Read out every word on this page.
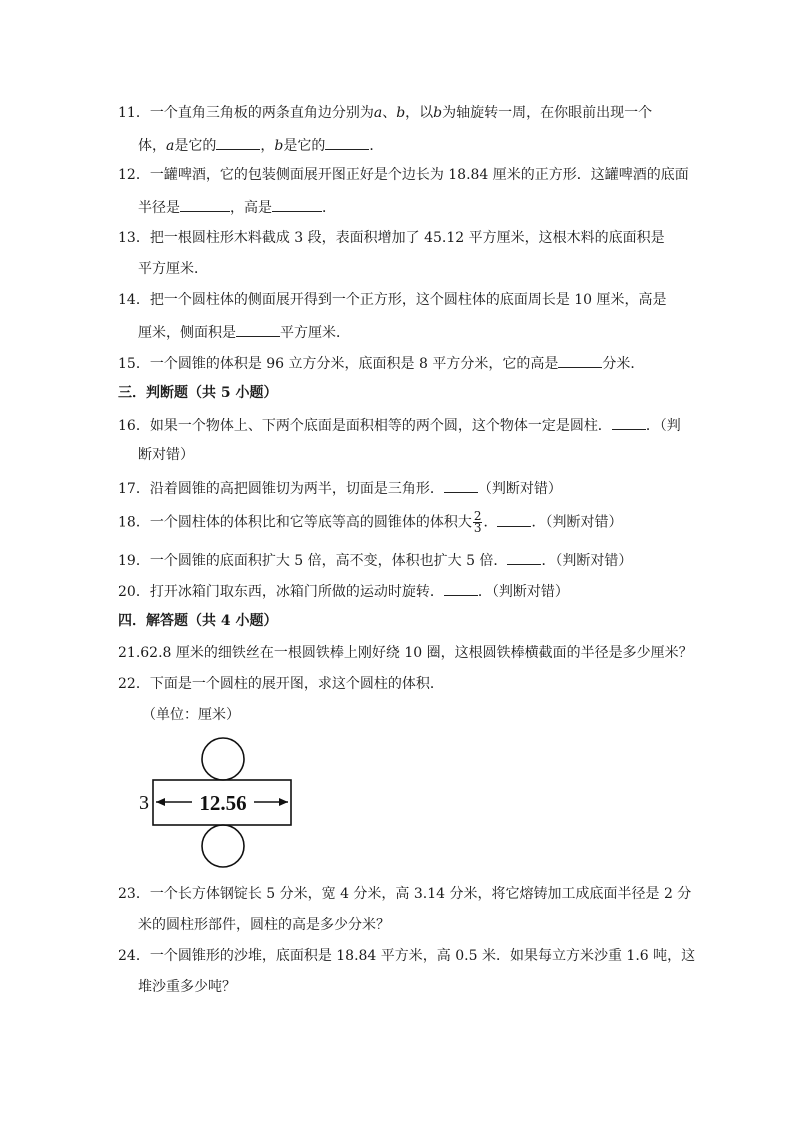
11．一个直角三角板的两条直角边分别为a、b，以b为轴旋转一周，在你眼前出现一个
体，a是它的	，b是它的	．
12．一罐啤酒，它的包装侧面展开图正好是个边长为 18.84 厘米的正方形．这罐啤酒的底面
半径是	，高是	．
13．把一根圆柱形木料截成 3 段，表面积增加了 45.12 平方厘米，这根木料的底面积是
平方厘米．
14．把一个圆柱体的侧面展开得到一个正方形，这个圆柱体的底面周长是 10 厘米，高是
厘米，侧面积是	平方厘米．
15．一个圆锥的体积是 96 立方分米，底面积是 8 平方分米，它的高是	分米．
三．判断题（共 5 小题）
16．如果一个物体上、下两个底面是面积相等的两个圆，这个物体一定是圆柱． ．（判
断对错）
17．沿着圆锥的高把圆锥切为两半，切面是三角形． （判断对错）
18．一个圆柱体的体积比和它等底等高的圆锥体的体积大 $\frac{2}{3}$ ． ．（判断对错）
19．一个圆锥的底面积扩大 5 倍，高不变，体积也扩大 5 倍． ．（判断对错）
20．打开冰箱门取东西，冰箱门所做的运动时旋转． ．（判断对错）
四．解答题（共 4 小题）
21.62.8 厘米的细铁丝在一根圆铁棒上刚好绕 10 圈，这根圆铁棒横截面的半径是多少厘米？
22．下面是一个圆柱的展开图，求这个圆柱的体积．
（单位：厘米）
3 12.56
23．一个长方体钢锭长 5 分米，宽 4 分米，高 3.14 分米，将它熔铸加工成底面半径是 2 分
米的圆柱形部件，圆柱的高是多少分米？
24．一个圆锥形的沙堆，底面积是 18.84 平方米，高 0.5 米．如果每立方米沙重 1.6 吨，这
堆沙重多少吨？
